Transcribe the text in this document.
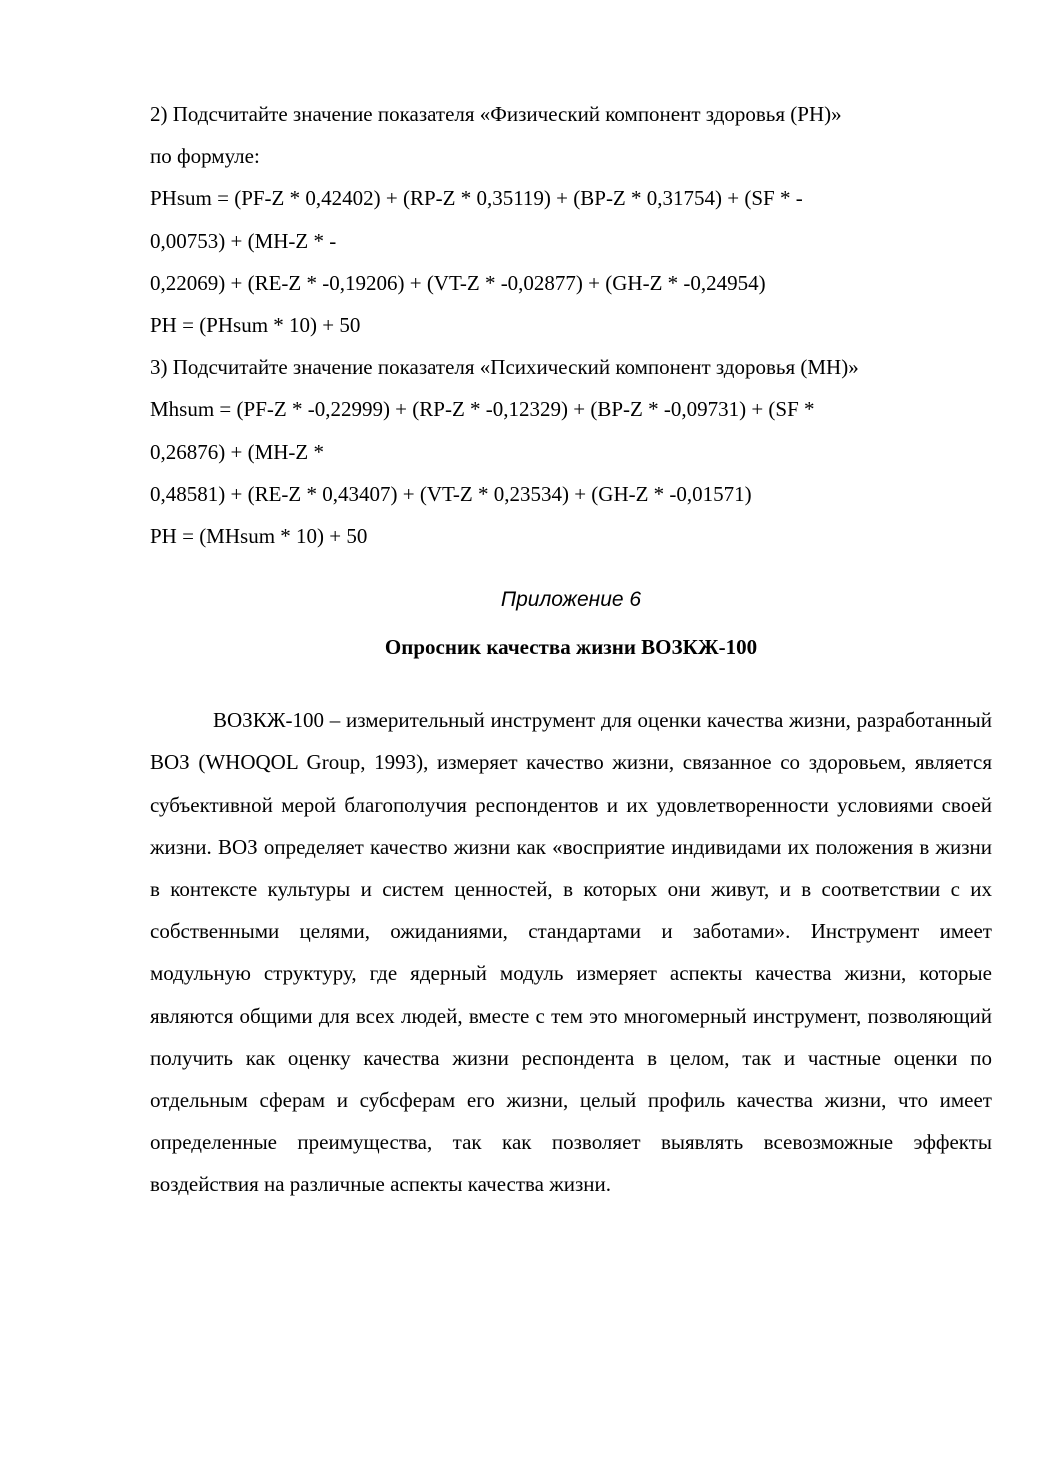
2) Подсчитайте значение показателя «Физический компонент здоровья (PH)»
по формуле:
PHsum = (PF-Z * 0,42402) + (RP-Z * 0,35119) + (BP-Z * 0,31754) + (SF * -
0,00753) + (MH-Z * -
0,22069) + (RE-Z * -0,19206) + (VT-Z * -0,02877) + (GH-Z * -0,24954)
PH = (PHsum * 10) + 50
3) Подсчитайте значение показателя «Психический компонент здоровья (MH)»
Mhsum = (PF-Z * -0,22999) + (RP-Z * -0,12329) + (BP-Z * -0,09731) + (SF *
0,26876) + (MH-Z *
0,48581) + (RE-Z * 0,43407) + (VT-Z * 0,23534) + (GH-Z * -0,01571)
PH = (MHsum * 10) + 50
Приложение 6
Опросник качества жизни ВОЗКЖ-100

ВОЗКЖ-100 – измерительный инструмент для оценки качества жизни, разработанный ВОЗ (WHOQOL Group, 1993), измеряет качество жизни, связанное со здоровьем, является субъективной мерой благополучия респондентов и их удовлетворенности условиями своей жизни. ВОЗ определяет качество жизни как «восприятие индивидами их положения в жизни в контексте культуры и систем ценностей, в которых они живут, и в соответствии с их собственными целями, ожиданиями, стандартами и заботами». Инструмент имеет модульную структуру, где ядерный модуль измеряет аспекты качества жизни, которые являются общими для всех людей, вместе с тем это многомерный инструмент, позволяющий получить как оценку качества жизни респондента в целом, так и частные оценки по отдельным сферам и субсферам его жизни, целый профиль качества жизни, что имеет определенные преимущества, так как позволяет выявлять всевозможные эффекты воздействия на различные аспекты качества жизни.
